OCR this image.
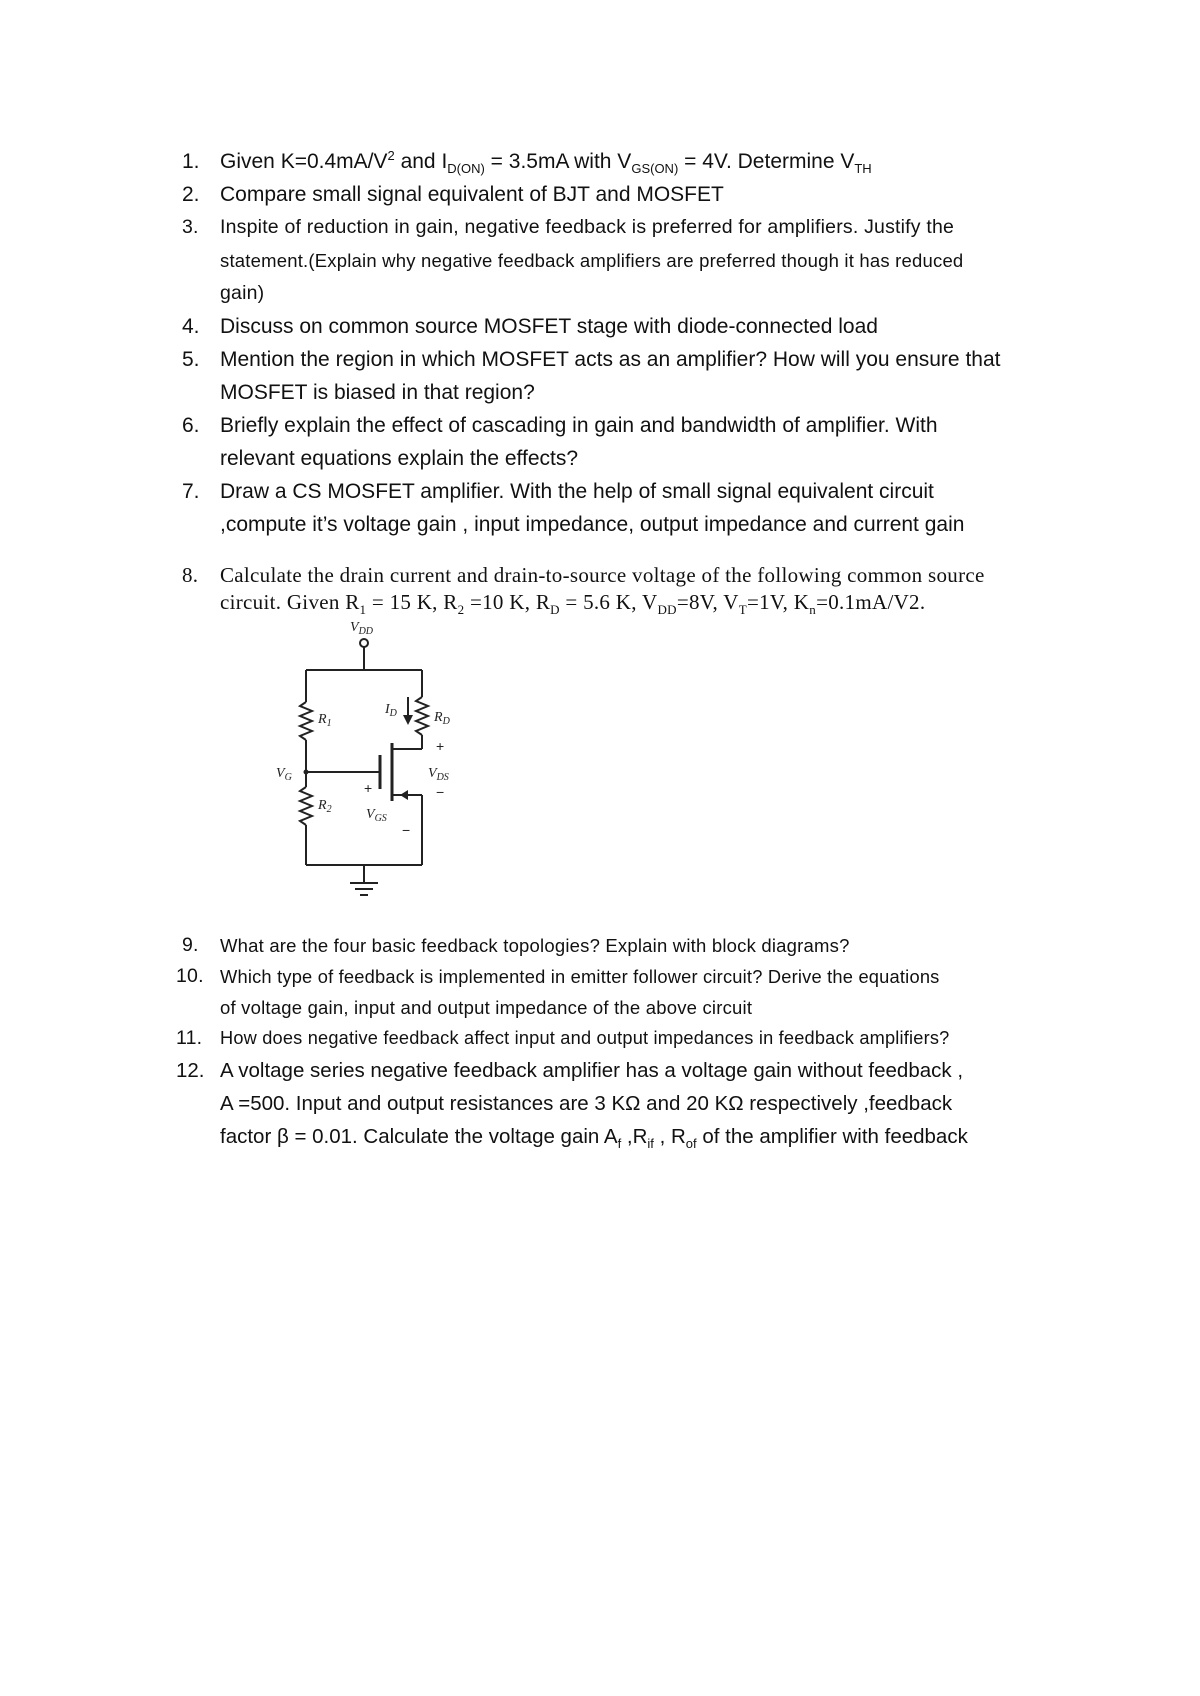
1. Given $K=0.4mA/V^2$ and $I_{D(ON)} = 3.5mA$ with $V_{GS(ON)} = 4V$. Determine $V_{TH}$
2. Compare small signal equivalent of BJT and MOSFET
3.	Inspite of reduction in gain, negative feedback is preferred for amplifiers. Justify the
statement.(Explain why negative feedback amplifiers are preferred though it has reduced
gain)
4. Discuss on common source MOSFET stage with diode-connected load
5. Mention the region in which MOSFET acts as an amplifier? How will you ensure that
MOSFET is biased in that region?
6. Briefly explain the effect of cascading in gain and bandwidth of amplifier. With
relevant equations explain the effects?
7. Draw a CS MOSFET amplifier. With the help of small signal equivalent circuit
,compute it’s voltage gain , input impedance, output impedance and current gain
8. Calculate the drain current and drain-to-source voltage of the following common source
circuit. Given $R_1 = 15$ K, $R_2 =10$ K, $R_D = 5.6$ K, $V_{DD}=8V$, $V_T=1V$, $K_n=0.1mA/V2$.
$V_{DD}$
$R_1$
$R_2$
$R_D$
$I_D$
$V_G$	$V_{DS}$
$V_{GS}$
+
−
+
−
9.	What are the four basic feedback topologies? Explain with block diagrams?
10. Which type of feedback is implemented in emitter follower circuit? Derive the equations
of voltage gain, input and output impedance of the above circuit
11. How does negative feedback affect input and output impedances in feedback amplifiers?
12. A voltage series negative feedback amplifier has a voltage gain without feedback ,
A =500. Input and output resistances are 3 KΩ and 20 KΩ respectively ,feedback
factor β = 0.01. Calculate the voltage gain $A_f$ $,R_{if}$ , $R_{of}$ of the amplifier with feedback
